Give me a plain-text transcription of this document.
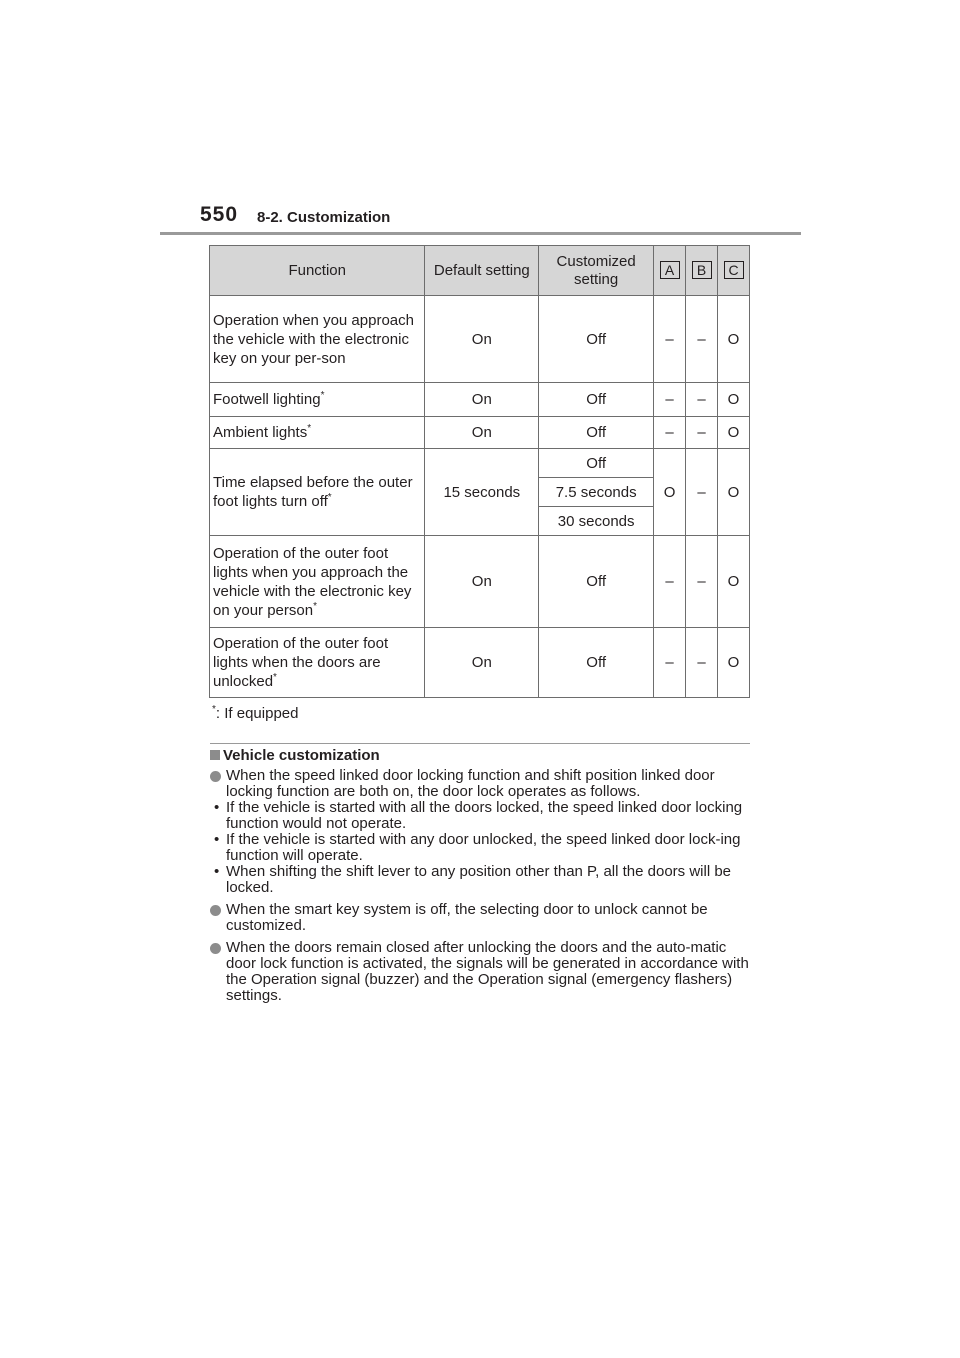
550 8-2. Customization
Function	Default setting	Customized setting	A	B	C
Operation when you approach the vehicle with the electronic key on your per-son	On	Off	–	–	O
Footwell lighting*	On	Off	–	–	O
Ambient lights*	On	Off	–	–	O
Time elapsed before the outer foot lights turn off*	15 seconds	Off	O	–	O
		7.5 seconds			
		30 seconds			
Operation of the outer foot lights when you approach the vehicle with the electronic key on your person*	On	Off	–	–	O
Operation of the outer foot lights when the doors are unlocked*	On	Off	–	–	O
*: If equipped
Vehicle customization
When the speed linked door locking function and shift position linked door locking function are both on, the door lock operates as follows.
• If the vehicle is started with all the doors locked, the speed linked door locking function would not operate.
• If the vehicle is started with any door unlocked, the speed linked door lock-ing function will operate.
• When shifting the shift lever to any position other than P, all the doors will be locked.
When the smart key system is off, the selecting door to unlock cannot be customized.
When the doors remain closed after unlocking the doors and the auto-matic door lock function is activated, the signals will be generated in accordance with the Operation signal (buzzer) and the Operation signal (emergency flashers) settings.
